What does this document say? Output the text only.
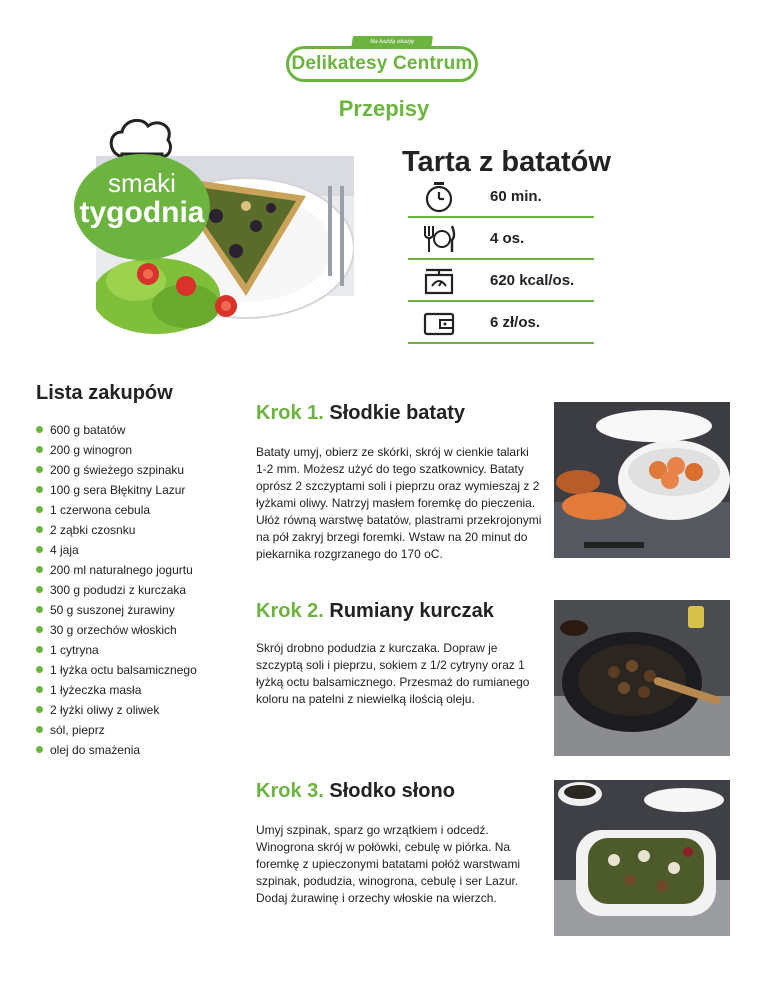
Na każdą okazję
Delikatesy Centrum
Przepisy
smaki
tygodnia
Tarta z batatów
60 min.
4 os.
620 kcal/os.
6 zł/os.
Lista zakupów
600 g batatów
200 g winogron
200 g świeżego szpinaku
100 g sera Błękitny Lazur
1 czerwona cebula
2 ząbki czosnku
4 jaja
200 ml naturalnego jogurtu
300 g podudzi z kurczaka
50 g suszonej żurawiny
30 g orzechów włoskich
1 cytryna
1 łyżka octu balsamicznego
1 łyżeczka masła
2 łyżki oliwy z oliwek
sól, pieprz
olej do smażenia
Krok 1. Słodkie bataty
Bataty umyj, obierz ze skórki, skrój w cienkie talarki 1-2 mm. Możesz użyć do tego szatkownicy. Bataty oprósz 2 szczyptami soli i pieprzu oraz wymieszaj z 2 łyżkami oliwy. Natrzyj masłem foremkę do pieczenia. Ułóż równą warstwę batatów, plastrami przekrojonymi na pół zakryj brzegi foremki. Wstaw na 20 minut do piekarnika rozgrzanego do 170 oC.
Krok 2. Rumiany kurczak
Skrój drobno podudzia z kurczaka. Dopraw je szczyptą soli i pieprzu, sokiem z 1/2 cytryny oraz 1 łyżką octu balsamicznego. Przesmaż do rumianego koloru na patelni z niewielką ilością oleju.
Krok 3. Słodko słono
Umyj szpinak, sparz go wrzątkiem i odcedź. Winogrona skrój w połówki, cebulę w piórka. Na foremkę z upieczonymi batatami połóż warstwami szpinak, podudzia, winogrona, cebulę i ser Lazur. Dodaj żurawinę i orzechy włoskie na wierzch.
